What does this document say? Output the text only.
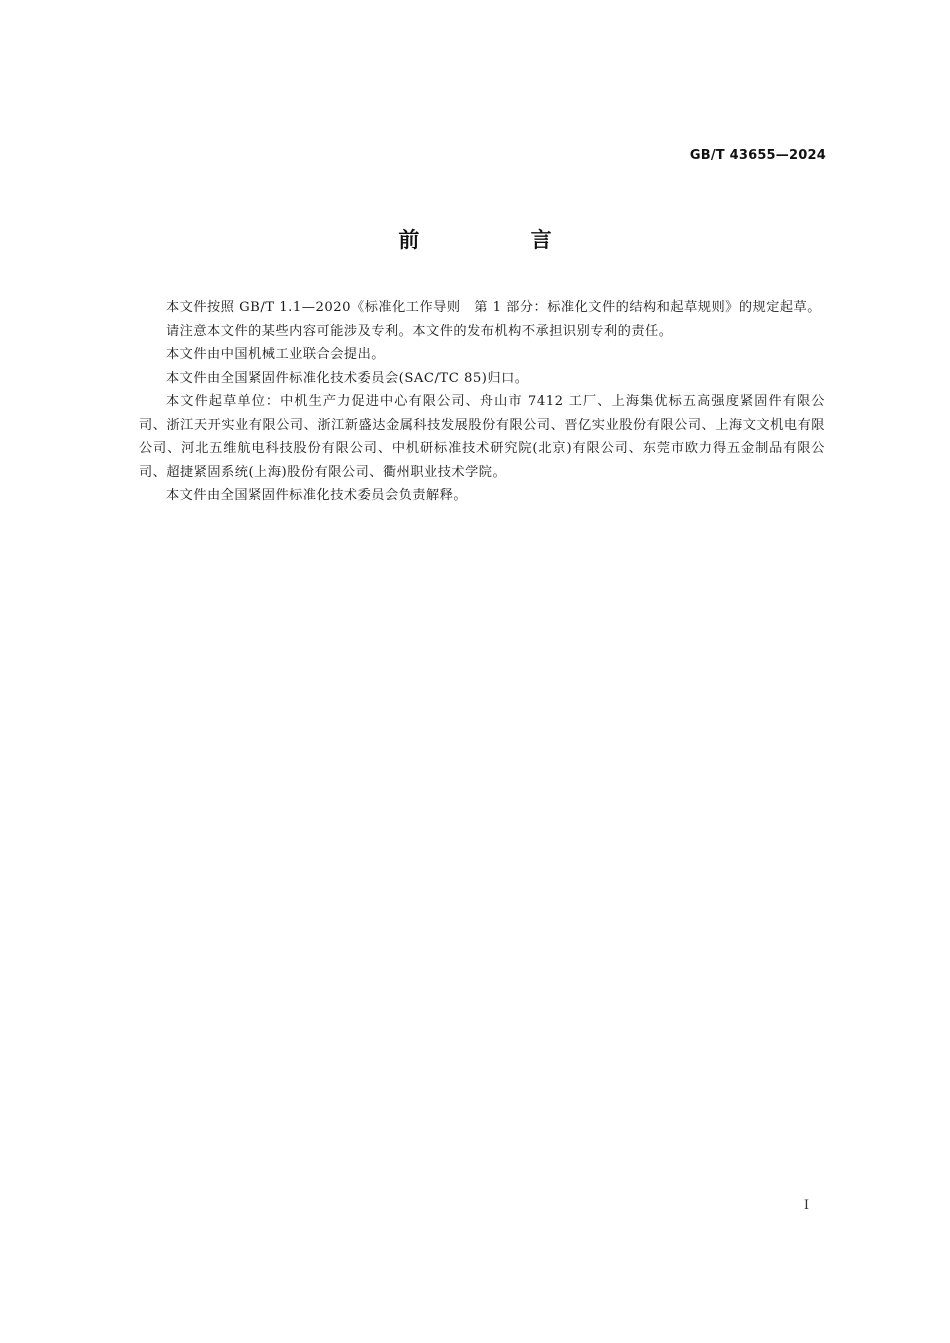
GB/T 43655—2024
前 言

本文件按照 GB/T 1.1—2020《标准化工作导则　第 1 部分：标准化文件的结构和起草规则》的规定起草。

请注意本文件的某些内容可能涉及专利。本文件的发布机构不承担识别专利的责任。

本文件由中国机械工业联合会提出。

本文件由全国紧固件标准化技术委员会(SAC/TC 85)归口。

本文件起草单位：中机生产力促进中心有限公司、舟山市 7412 工厂、上海集优标五高强度紧固件有限公司、浙江天开实业有限公司、浙江新盛达金属科技发展股份有限公司、晋亿实业股份有限公司、上海文文机电有限公司、河北五维航电科技股份有限公司、中机研标准技术研究院(北京)有限公司、东莞市欧力得五金制品有限公司、超捷紧固系统(上海)股份有限公司、衢州职业技术学院。

本文件由全国紧固件标准化技术委员会负责解释。

I
